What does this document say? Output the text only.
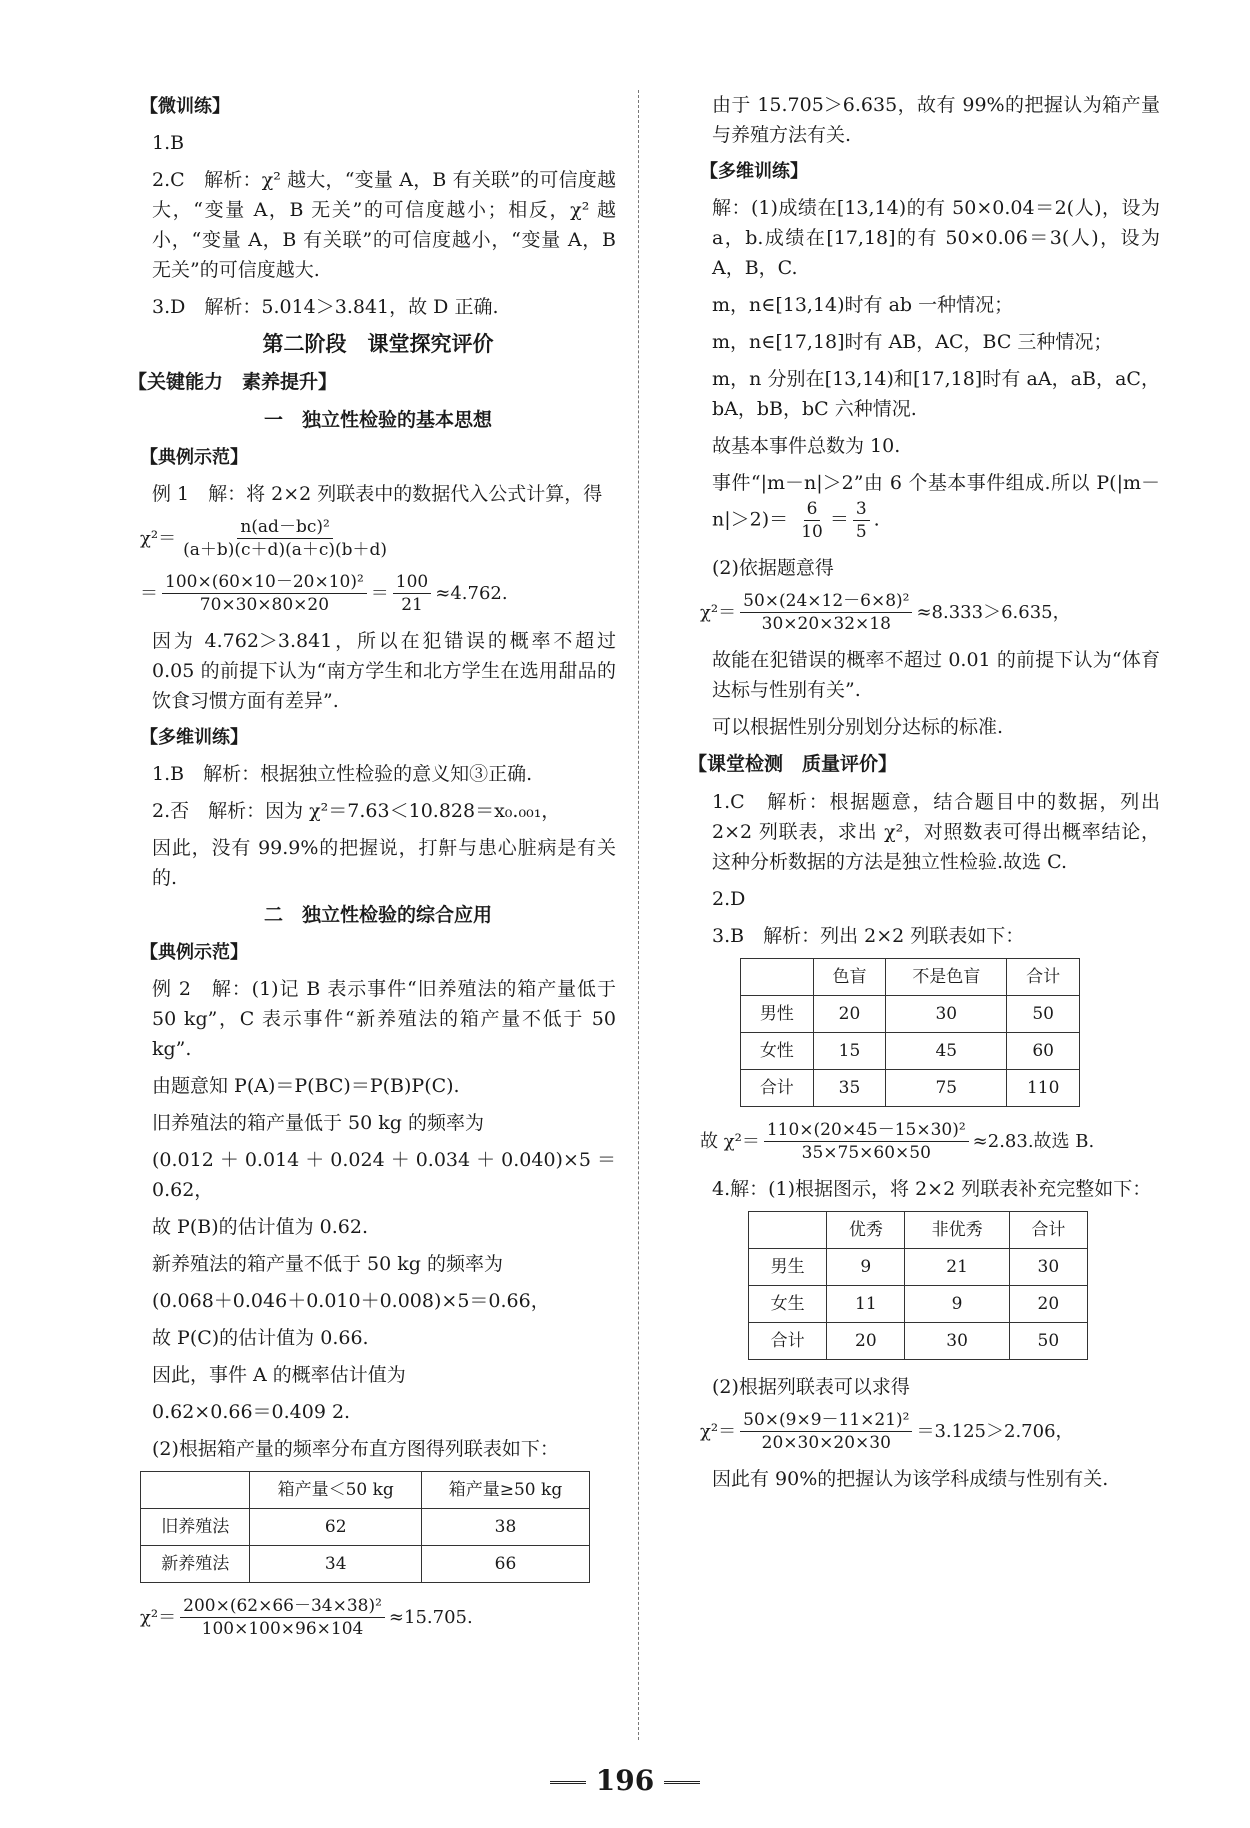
【微训练】

1.B

2.C　解析：χ² 越大，“变量 A，B 有关联”的可信度越大，“变量 A，B 无关”的可信度越小；相反，χ² 越小，“变量 A，B 有关联”的可信度越小，“变量 A，B 无关”的可信度越大.

3.D　解析：5.014＞3.841，故 D 正确.

第二阶段　课堂探究评价
【关键能力　素养提升】
一　独立性检验的基本思想
【典例示范】

例 1　解：将 2×2 列联表中的数据代入公式计算，得

$\chi^2= \frac{\text{n(ad－bc)²}}{(a+b)(c+d)(a+c)(b+d)}$
＝ $\frac{\text{100×(60×10－20×10)²}}{70\times 30\times 80\times 20} = \frac{100}{21} \approx 4.762$.

因为 4.762＞3.841，所以在犯错误的概率不超过 0.05 的前提下认为“南方学生和北方学生在选用甜品的饮食习惯方面有差异”.

【多维训练】

1.B　解析：根据独立性检验的意义知③正确.

2.否　解析：因为 χ²＝7.63＜10.828＝x₀.₀₀₁，

因此，没有 99.9%的把握说，打鼾与患心脏病是有关的.

二　独立性检验的综合应用
【典例示范】

例 2　解：(1)记 B 表示事件“旧养殖法的箱产量低于 50 kg”，C 表示事件“新养殖法的箱产量不低于 50 kg”.

由题意知 P(A)＝P(BC)＝P(B)P(C).

旧养殖法的箱产量低于 50 kg 的频率为

(0.012＋0.014＋0.024＋0.034＋0.040)×5＝0.62，

故 P(B)的估计值为 0.62.

新养殖法的箱产量不低于 50 kg 的频率为

(0.068＋0.046＋0.010＋0.008)×5＝0.66，

故 P(C)的估计值为 0.66.

因此，事件 A 的概率估计值为

0.62×0.66＝0.409 2.

(2)根据箱产量的频率分布直方图得列联表如下：

	箱产量＜50 kg	箱产量≥50 kg
旧养殖法	62	38
新养殖法	34	66
$\chi^2= \frac{\text{200×(62×66－34×38)²}}{100\times 100\times 96\times 104} \approx 15.705$.

由于 15.705＞6.635，故有 99%的把握认为箱产量与养殖方法有关.

【多维训练】

解：(1)成绩在[13,14)的有 50×0.04＝2(人)，设为 a，b.成绩在[17,18]的有 50×0.06＝3(人)，设为 A，B，C.

m，n∈[13,14)时有 ab 一种情况；

m，n∈[17,18]时有 AB，AC，BC 三种情况；

m，n 分别在[13,14)和[17,18]时有 aA，aB，aC，bA，bB，bC 六种情况.

故基本事件总数为 10.

事件“|m－n|＞2”由 6 个基本事件组成.所以 $P(|m-n|>2)= \frac{6}{10} = \frac{3}{5}$ .

(2)依据题意得

$\chi^2= \frac{\text{50×(24×12－6×8)²}}{30\times 20\times 32\times 18} \approx 8.333>6.635$，

故能在犯错误的概率不超过 0.01 的前提下认为“体育达标与性别有关”.

可以根据性别分别划分达标的标准.

【课堂检测　质量评价】

1.C　解析：根据题意，结合题目中的数据，列出 2×2 列联表，求出 χ²，对照数表可得出概率结论，这种分析数据的方法是独立性检验.故选 C.

2.D

3.B　解析：列出 2×2 列联表如下：

	色盲	不是色盲	合计
男性	20	30	50
女性	15	45	60
合计	35	75	110
故 $\chi^2= \frac{\text{110×(20×45－15×30)²}}{35\times 75\times 60\times 50} \approx 2.83$.故选 B.

4.解：(1)根据图示，将 2×2 列联表补充完整如下：

	优秀	非优秀	合计
男生	9	21	30
女生	11	9	20
合计	20	30	50

(2)根据列联表可以求得

$\chi^2= \frac{\text{50×(9×9－11×21)²}}{20\times 30\times 20\times 30} =3.125>2.706$，

因此有 90%的把握认为该学科成绩与性别有关.

196
